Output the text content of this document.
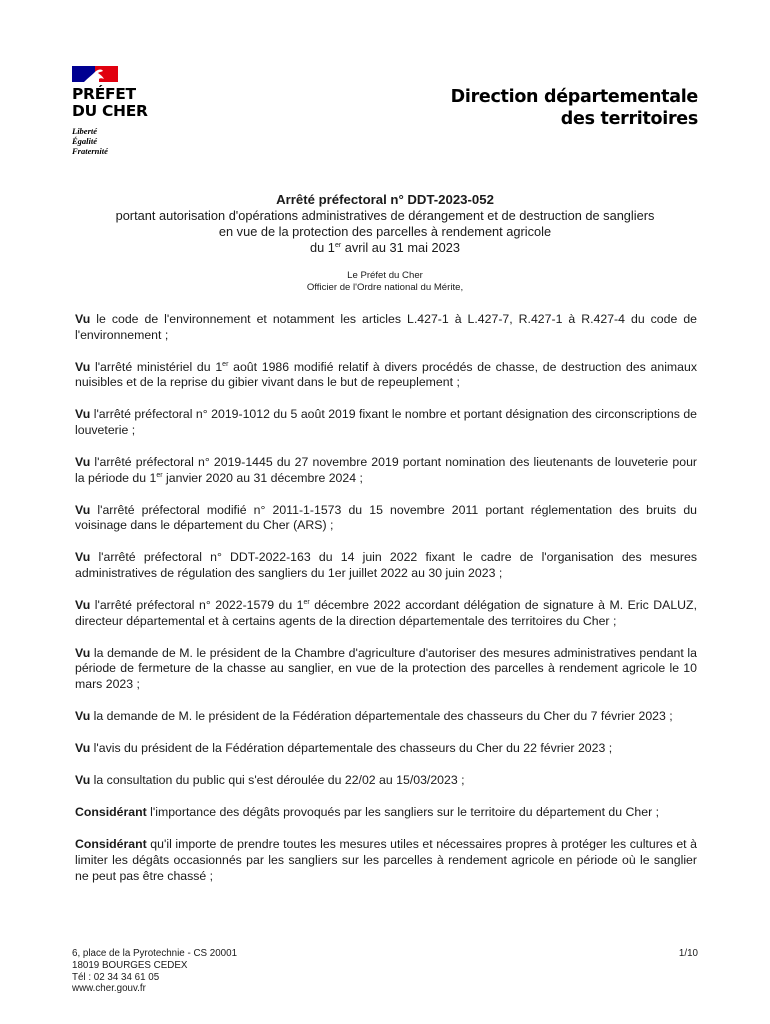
PRÉFET
DU CHER
Liberté
Égalité
Fraternité
Direction départementale
des territoires
Arrêté préfectoral n° DDT-2023-052
portant autorisation d'opérations administratives de dérangement et de destruction de sangliers
en vue de la protection des parcelles à rendement agricole
du 1er avril au 31 mai 2023
Le Préfet du Cher
Officier de l'Ordre national du Mérite,
Vu le code de l'environnement et notamment les articles L.427-1 à L.427-7, R.427-1 à R.427-4 du code de l'environnement ;
Vu l'arrêté ministériel du 1er août 1986 modifié relatif à divers procédés de chasse, de destruction des animaux nuisibles et de la reprise du gibier vivant dans le but de repeuplement ;
Vu l'arrêté préfectoral n° 2019-1012 du 5 août 2019 fixant le nombre et portant désignation des circonscriptions de louveterie ;
Vu l'arrêté préfectoral n° 2019-1445 du 27 novembre 2019 portant nomination des lieutenants de louveterie pour la période du 1er janvier 2020 au 31 décembre 2024 ;
Vu l'arrêté préfectoral modifié n° 2011-1-1573 du 15 novembre 2011 portant réglementation des bruits du voisinage dans le département du Cher (ARS) ;
Vu l'arrêté préfectoral n° DDT-2022-163 du 14 juin 2022 fixant le cadre de l'organisation des mesures administratives de régulation des sangliers du 1er juillet 2022 au 30 juin 2023 ;
Vu l'arrêté préfectoral n° 2022-1579 du 1er décembre 2022 accordant délégation de signature à M. Eric DALUZ, directeur départemental et à certains agents de la direction départementale des territoires du Cher ;
Vu la demande de M. le président de la Chambre d'agriculture d'autoriser des mesures administratives pendant la période de fermeture de la chasse au sanglier, en vue de la protection des parcelles à rendement agricole le 10 mars 2023 ;
Vu la demande de M. le président de la Fédération départementale des chasseurs du Cher du 7 février 2023 ;
Vu l'avis du président de la Fédération départementale des chasseurs du Cher du 22 février 2023 ;
Vu la consultation du public qui s'est déroulée du 22/02 au 15/03/2023 ;
Considérant l'importance des dégâts provoqués par les sangliers sur le territoire du département du Cher ;
Considérant qu'il importe de prendre toutes les mesures utiles et nécessaires propres à protéger les cultures et à limiter les dégâts occasionnés par les sangliers sur les parcelles à rendement agricole en période où le sanglier ne peut pas être chassé ;
6, place de la Pyrotechnie - CS 20001
18019 BOURGES CEDEX
Tél : 02 34 34 61 05
www.cher.gouv.fr
1/10
